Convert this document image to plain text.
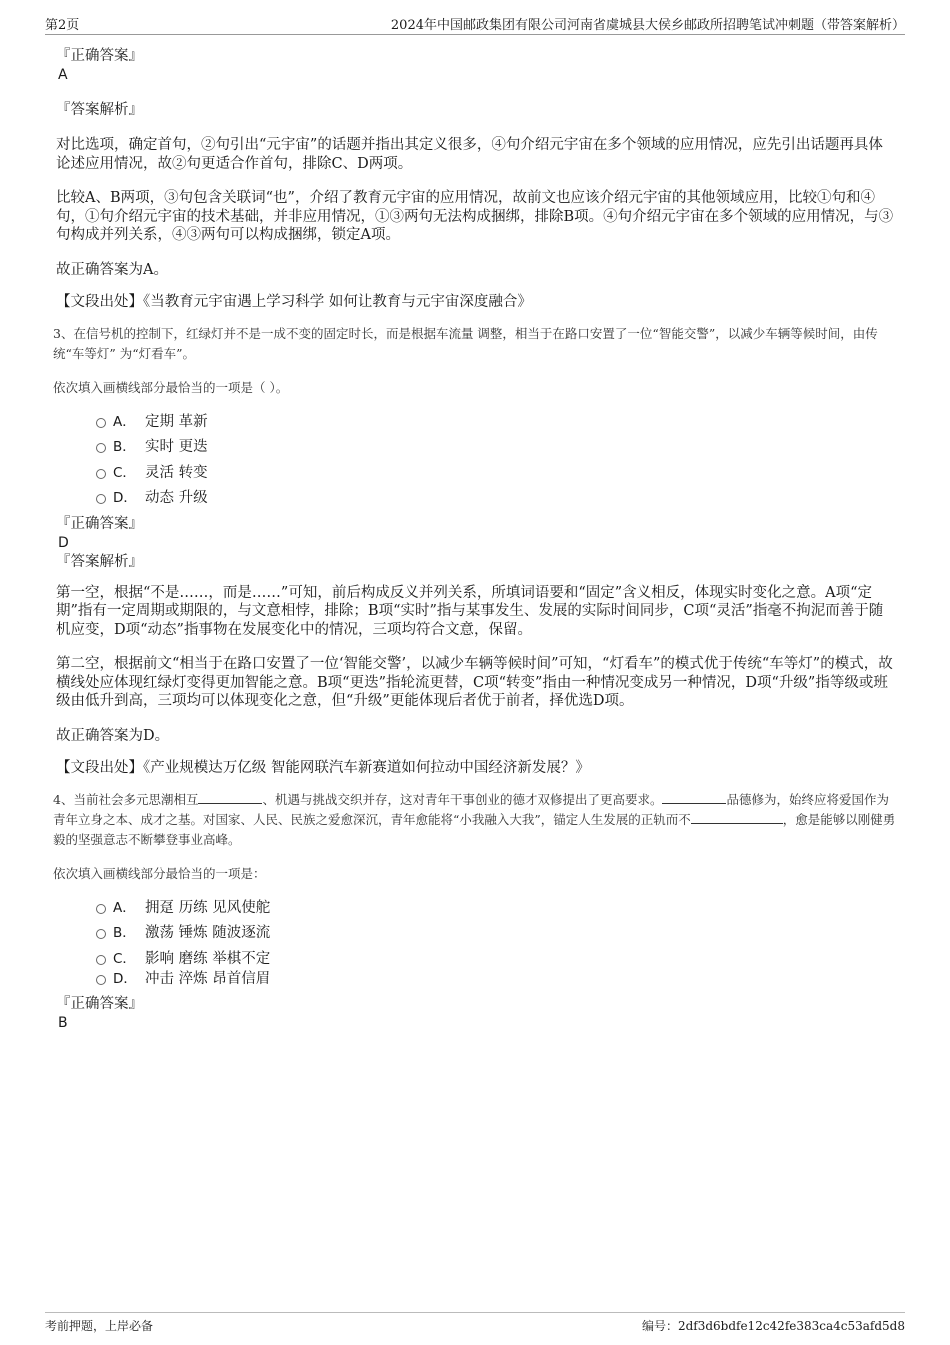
第2页	2024年中国邮政集团有限公司河南省虞城县大侯乡邮政所招聘笔试冲刺题（带答案解析）

『正确答案』

A

『答案解析』

对比选项，确定首句，②句引出“元宇宙”的话题并指出其定义很多，④句介绍元宇宙在多个领域的应用情况，应先引出话题再具体论述应用情况，故②句更适合作首句，排除C、D两项。

比较A、B两项，③句包含关联词“也”，介绍了教育元宇宙的应用情况，故前文也应该介绍元宇宙的其他领域应用，比较①句和④句，①句介绍元宇宙的技术基础，并非应用情况，①③两句无法构成捆绑，排除B项。④句介绍元宇宙在多个领域的应用情况，与③句构成并列关系，④③两句可以构成捆绑，锁定A项。

故正确答案为A。

【文段出处】《当教育元宇宙遇上学习科学 如何让教育与元宇宙深度融合》

3、在信号机的控制下，红绿灯并不是一成不变的固定时长，而是根据车流量 调整，相当于在路口安置了一位“智能交警”，以减少车辆等候时间，由传统“车等灯” 为“灯看车”。

依次填入画横线部分最恰当的一项是（ ）。

A． 定期 革新
B． 实时 更迭
C． 灵活 转变
D． 动态 升级

『正确答案』

D

『答案解析』

第一空，根据“不是……，而是……”可知，前后构成反义并列关系，所填词语要和“固定”含义相反，体现实时变化之意。A项“定期”指有一定周期或期限的，与文意相悖，排除；B项“实时”指与某事发生、发展的实际时间同步，C项“灵活”指毫不拘泥而善于随机应变，D项“动态”指事物在发展变化中的情况，三项均符合文意，保留。

第二空，根据前文“相当于在路口安置了一位‘智能交警’，以减少车辆等候时间”可知，“灯看车”的模式优于传统“车等灯”的模式，故横线处应体现红绿灯变得更加智能之意。B项“更迭”指轮流更替，C项“转变”指由一种情况变成另一种情况，D项“升级”指等级或班级由低升到高，三项均可以体现变化之意，但“升级”更能体现后者优于前者，择优选D项。

故正确答案为D。

【文段出处】《产业规模达万亿级 智能网联汽车新赛道如何拉动中国经济新发展？》

4、当前社会多元思潮相互	、机遇与挑战交织并存，这对青年干事创业的德才双修提出了更高要求。	品德修为，始终应将爱国作为青年立身之本、成才之基。对国家、人民、民族之爱愈深沉，青年愈能将“小我融入大我”，锚定人生发展的正轨而不	，愈是能够以刚健勇毅的坚强意志不断攀登事业高峰。

依次填入画横线部分最恰当的一项是：

A． 拥趸 历练 见风使舵
B． 激荡 锤炼 随波逐流
C． 影响 磨练 举棋不定
D． 冲击 淬炼 昂首信眉

『正确答案』

B

考前押题，上岸必备	编号：2df3d6bdfe12c42fe383ca4c53afd5d8
